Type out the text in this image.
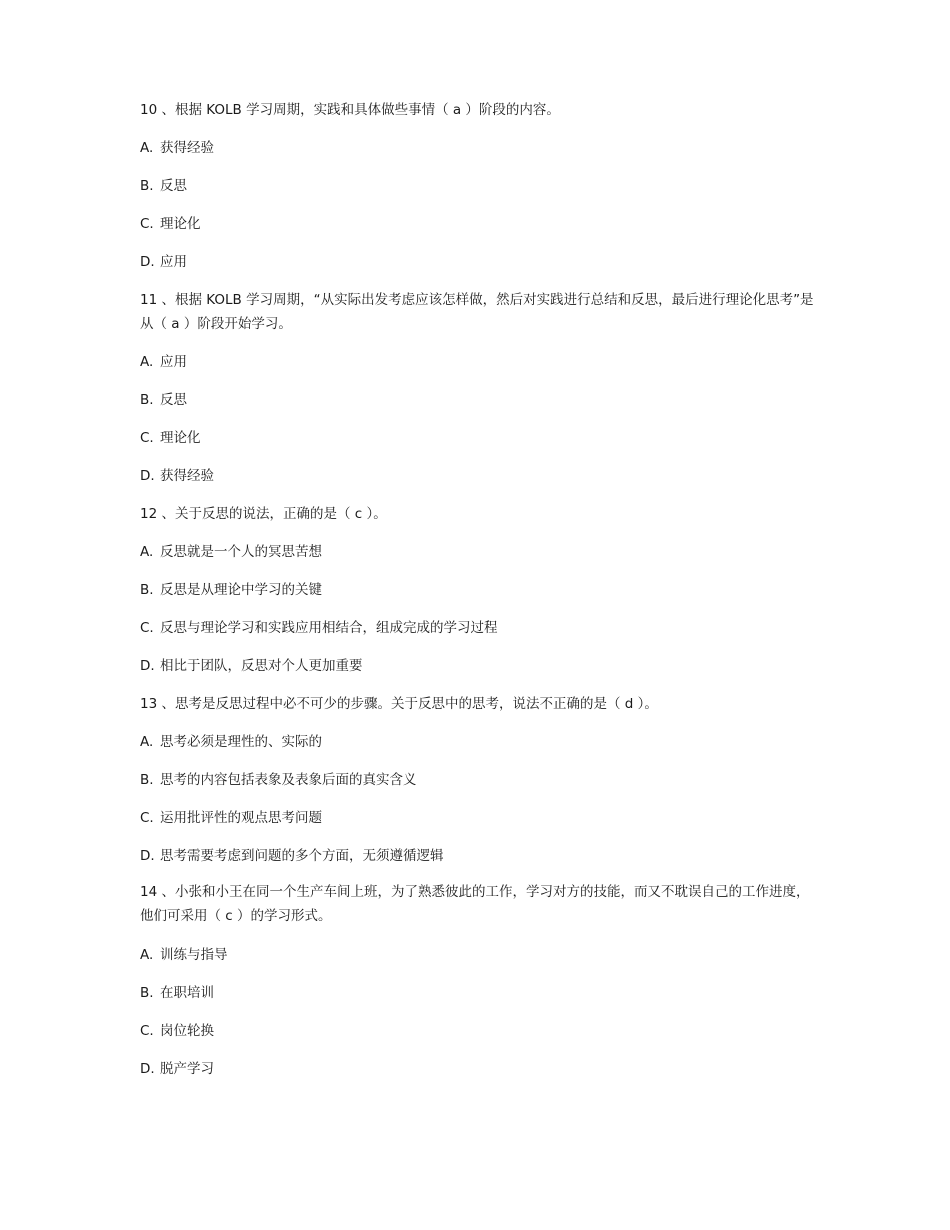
10 、根据 KOLB 学习周期，实践和具体做些事情（ a ）阶段的内容。
A. 获得经验
B. 反思
C. 理论化
D. 应用
11 、根据 KOLB 学习周期，“从实际出发考虑应该怎样做，然后对实践进行总结和反思，最后进行理论化思考”是从（ a ）阶段开始学习。
A. 应用
B. 反思
C. 理论化
D. 获得经验
12 、关于反思的说法，正确的是（ c ）。
A. 反思就是一个人的冥思苦想
B. 反思是从理论中学习的关键
C. 反思与理论学习和实践应用相结合，组成完成的学习过程
D. 相比于团队，反思对个人更加重要
13 、思考是反思过程中必不可少的步骤。关于反思中的思考，说法不正确的是（ d ）。
A. 思考必须是理性的、实际的
B. 思考的内容包括表象及表象后面的真实含义
C. 运用批评性的观点思考问题
D. 思考需要考虑到问题的多个方面，无须遵循逻辑
14 、小张和小王在同一个生产车间上班，为了熟悉彼此的工作，学习对方的技能，而又不耽误自己的工作进度，他们可采用（ c ）的学习形式。
A. 训练与指导
B. 在职培训
C. 岗位轮换
D. 脱产学习
